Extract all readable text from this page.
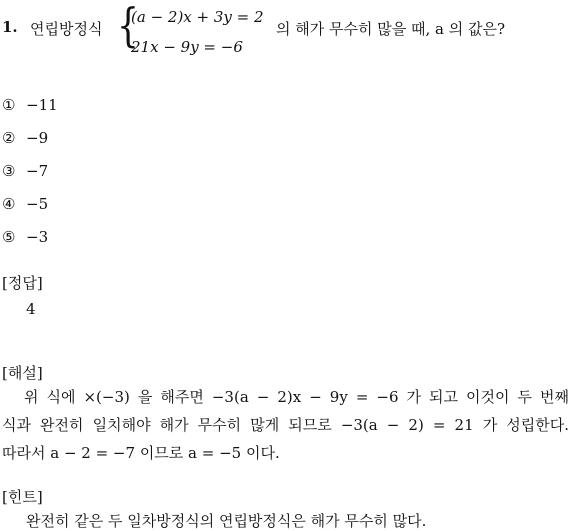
1. 연립방정식 {
(a − 2)x + 3y = 2
21x − 9y = −6
의 해가 무수히 많을 때, a 의 값은?
① −11
② −9
③ −7
④ −5
⑤ −3
[정답]
4
[해설]
위 식에 ×(−3) 을 해주면 −3(a − 2)x − 9y = −6 가 되고 이것이 두 번째
식과 완전히 일치해야 해가 무수히 많게 되므로 −3(a − 2) = 21 가 성립한다.
따라서 a − 2 = −7 이므로 a = −5 이다.
[힌트]
완전히 같은 두 일차방정식의 연립방정식은 해가 무수히 많다.
